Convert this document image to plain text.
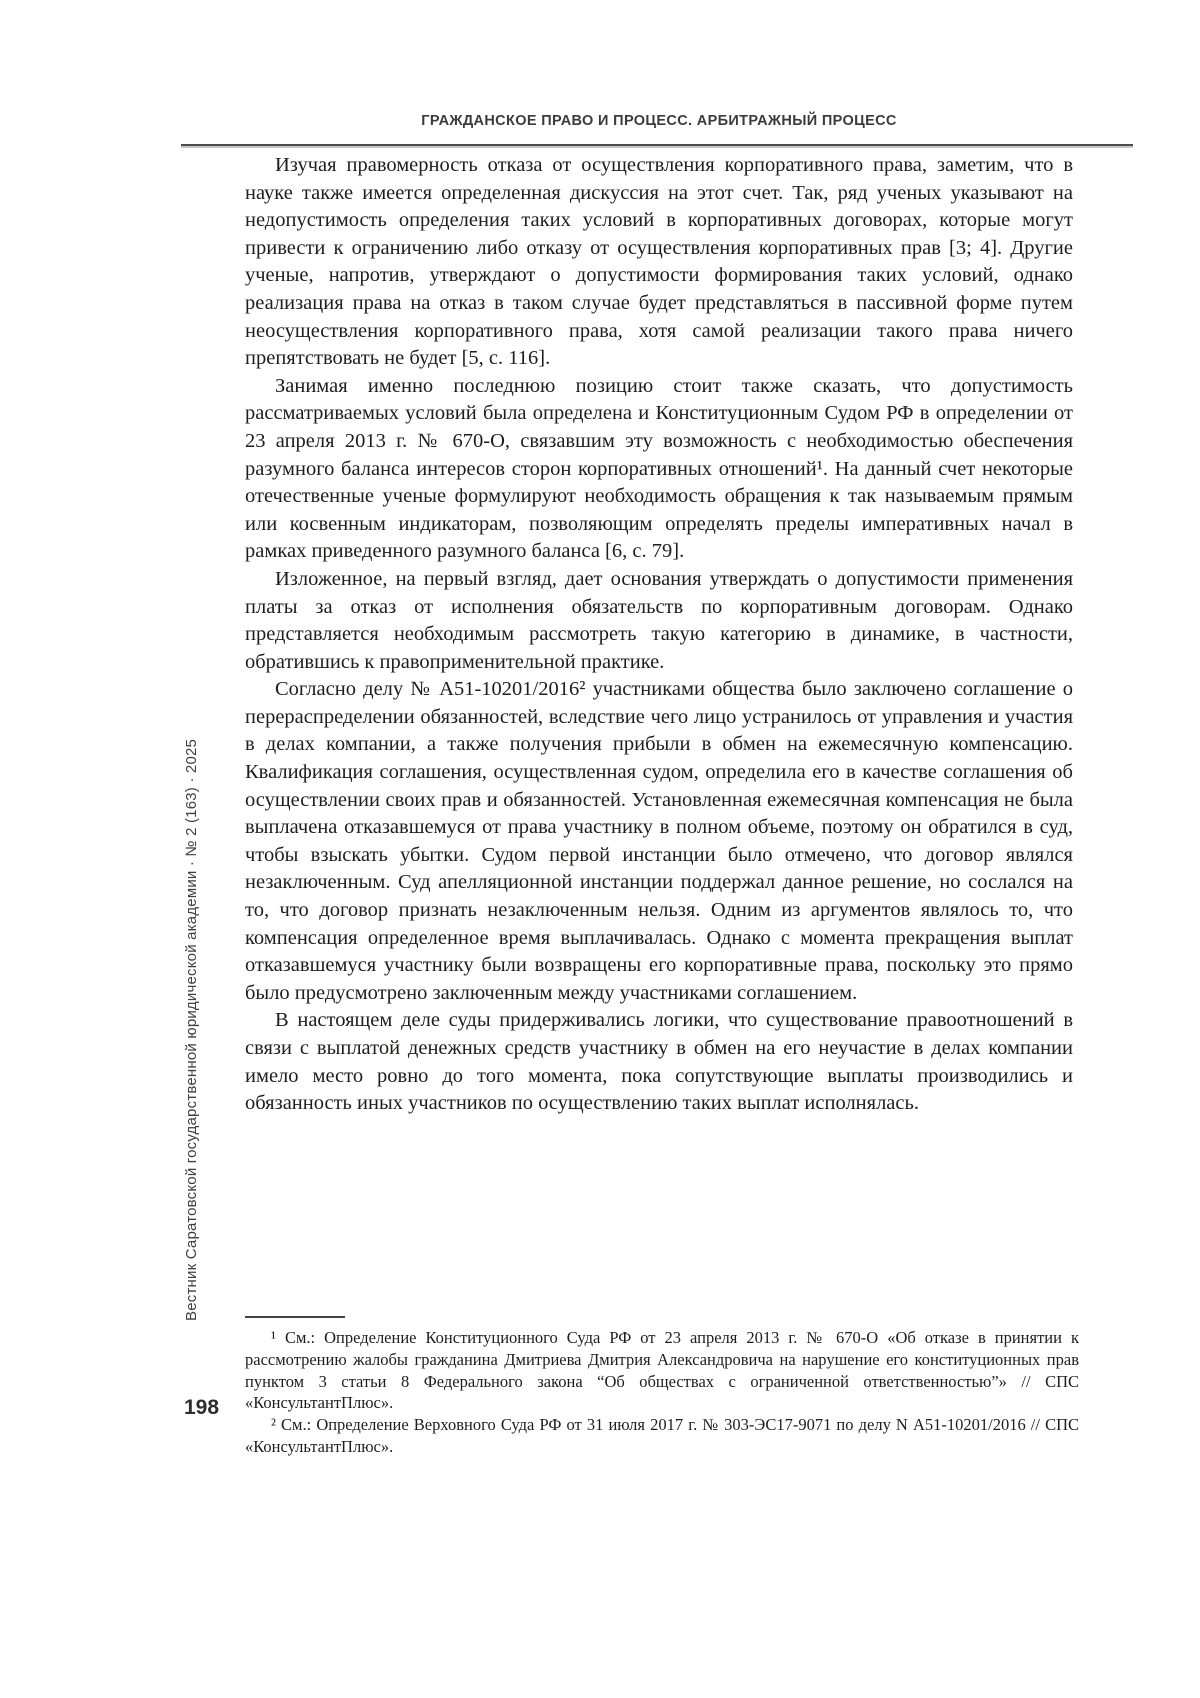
ГРАЖДАНСКОЕ ПРАВО И ПРОЦЕСС. АРБИТРАЖНЫЙ ПРОЦЕСС

Изучая правомерность отказа от осуществления корпоративного права, заметим, что в науке также имеется определенная дискуссия на этот счет. Так, ряд ученых указывают на недопустимость определения таких условий в корпоративных договорах, которые могут привести к ограничению либо отказу от осуществления корпоративных прав [3; 4]. Другие ученые, напротив, утверждают о допустимости формирования таких условий, однако реализация права на отказ в таком случае будет представляться в пассивной форме путем неосуществления корпоративного права, хотя самой реализации такого права ничего препятствовать не будет [5, с. 116].

Занимая именно последнюю позицию стоит также сказать, что допустимость рассматриваемых условий была определена и Конституционным Судом РФ в определении от 23 апреля 2013 г. № 670-О, связавшим эту возможность с необходимостью обеспечения разумного баланса интересов сторон корпоративных отношений¹. На данный счет некоторые отечественные ученые формулируют необходимость обращения к так называемым прямым или косвенным индикаторам, позволяющим определять пределы императивных начал в рамках приведенного разумного баланса [6, с. 79].

Изложенное, на первый взгляд, дает основания утверждать о допустимости применения платы за отказ от исполнения обязательств по корпоративным договорам. Однако представляется необходимым рассмотреть такую категорию в динамике, в частности, обратившись к правоприменительной практике.

Согласно делу № А51-10201/2016² участниками общества было заключено соглашение о перераспределении обязанностей, вследствие чего лицо устранилось от управления и участия в делах компании, а также получения прибыли в обмен на ежемесячную компенсацию. Квалификация соглашения, осуществленная судом, определила его в качестве соглашения об осуществлении своих прав и обязанностей. Установленная ежемесячная компенсация не была выплачена отказавшемуся от права участнику в полном объеме, поэтому он обратился в суд, чтобы взыскать убытки. Судом первой инстанции было отмечено, что договор являлся незаключенным. Суд апелляционной инстанции поддержал данное решение, но сослался на то, что договор признать незаключенным нельзя. Одним из аргументов являлось то, что компенсация определенное время выплачивалась. Однако с момента прекращения выплат отказавшемуся участнику были возвращены его корпоративные права, поскольку это прямо было предусмотрено заключенным между участниками соглашением.

В настоящем деле суды придерживались логики, что существование правоотношений в связи с выплатой денежных средств участнику в обмен на его неучастие в делах компании имело место ровно до того момента, пока сопутствующие выплаты производились и обязанность иных участников по осуществлению таких выплат исполнялась.

¹ См.: Определение Конституционного Суда РФ от 23 апреля 2013 г. № 670-О «Об отказе в принятии к рассмотрению жалобы гражданина Дмитриева Дмитрия Александровича на нарушение его конституционных прав пунктом 3 статьи 8 Федерального закона “Об обществах с ограниченной ответственностью”» // СПС «КонсультантПлюс».

² См.: Определение Верховного Суда РФ от 31 июля 2017 г. № 303-ЭС17-9071 по делу N А51-10201/2016 // СПС «КонсультантПлюс».

Вестник Саратовской государственной юридической академии · № 2 (163) · 2025
198
